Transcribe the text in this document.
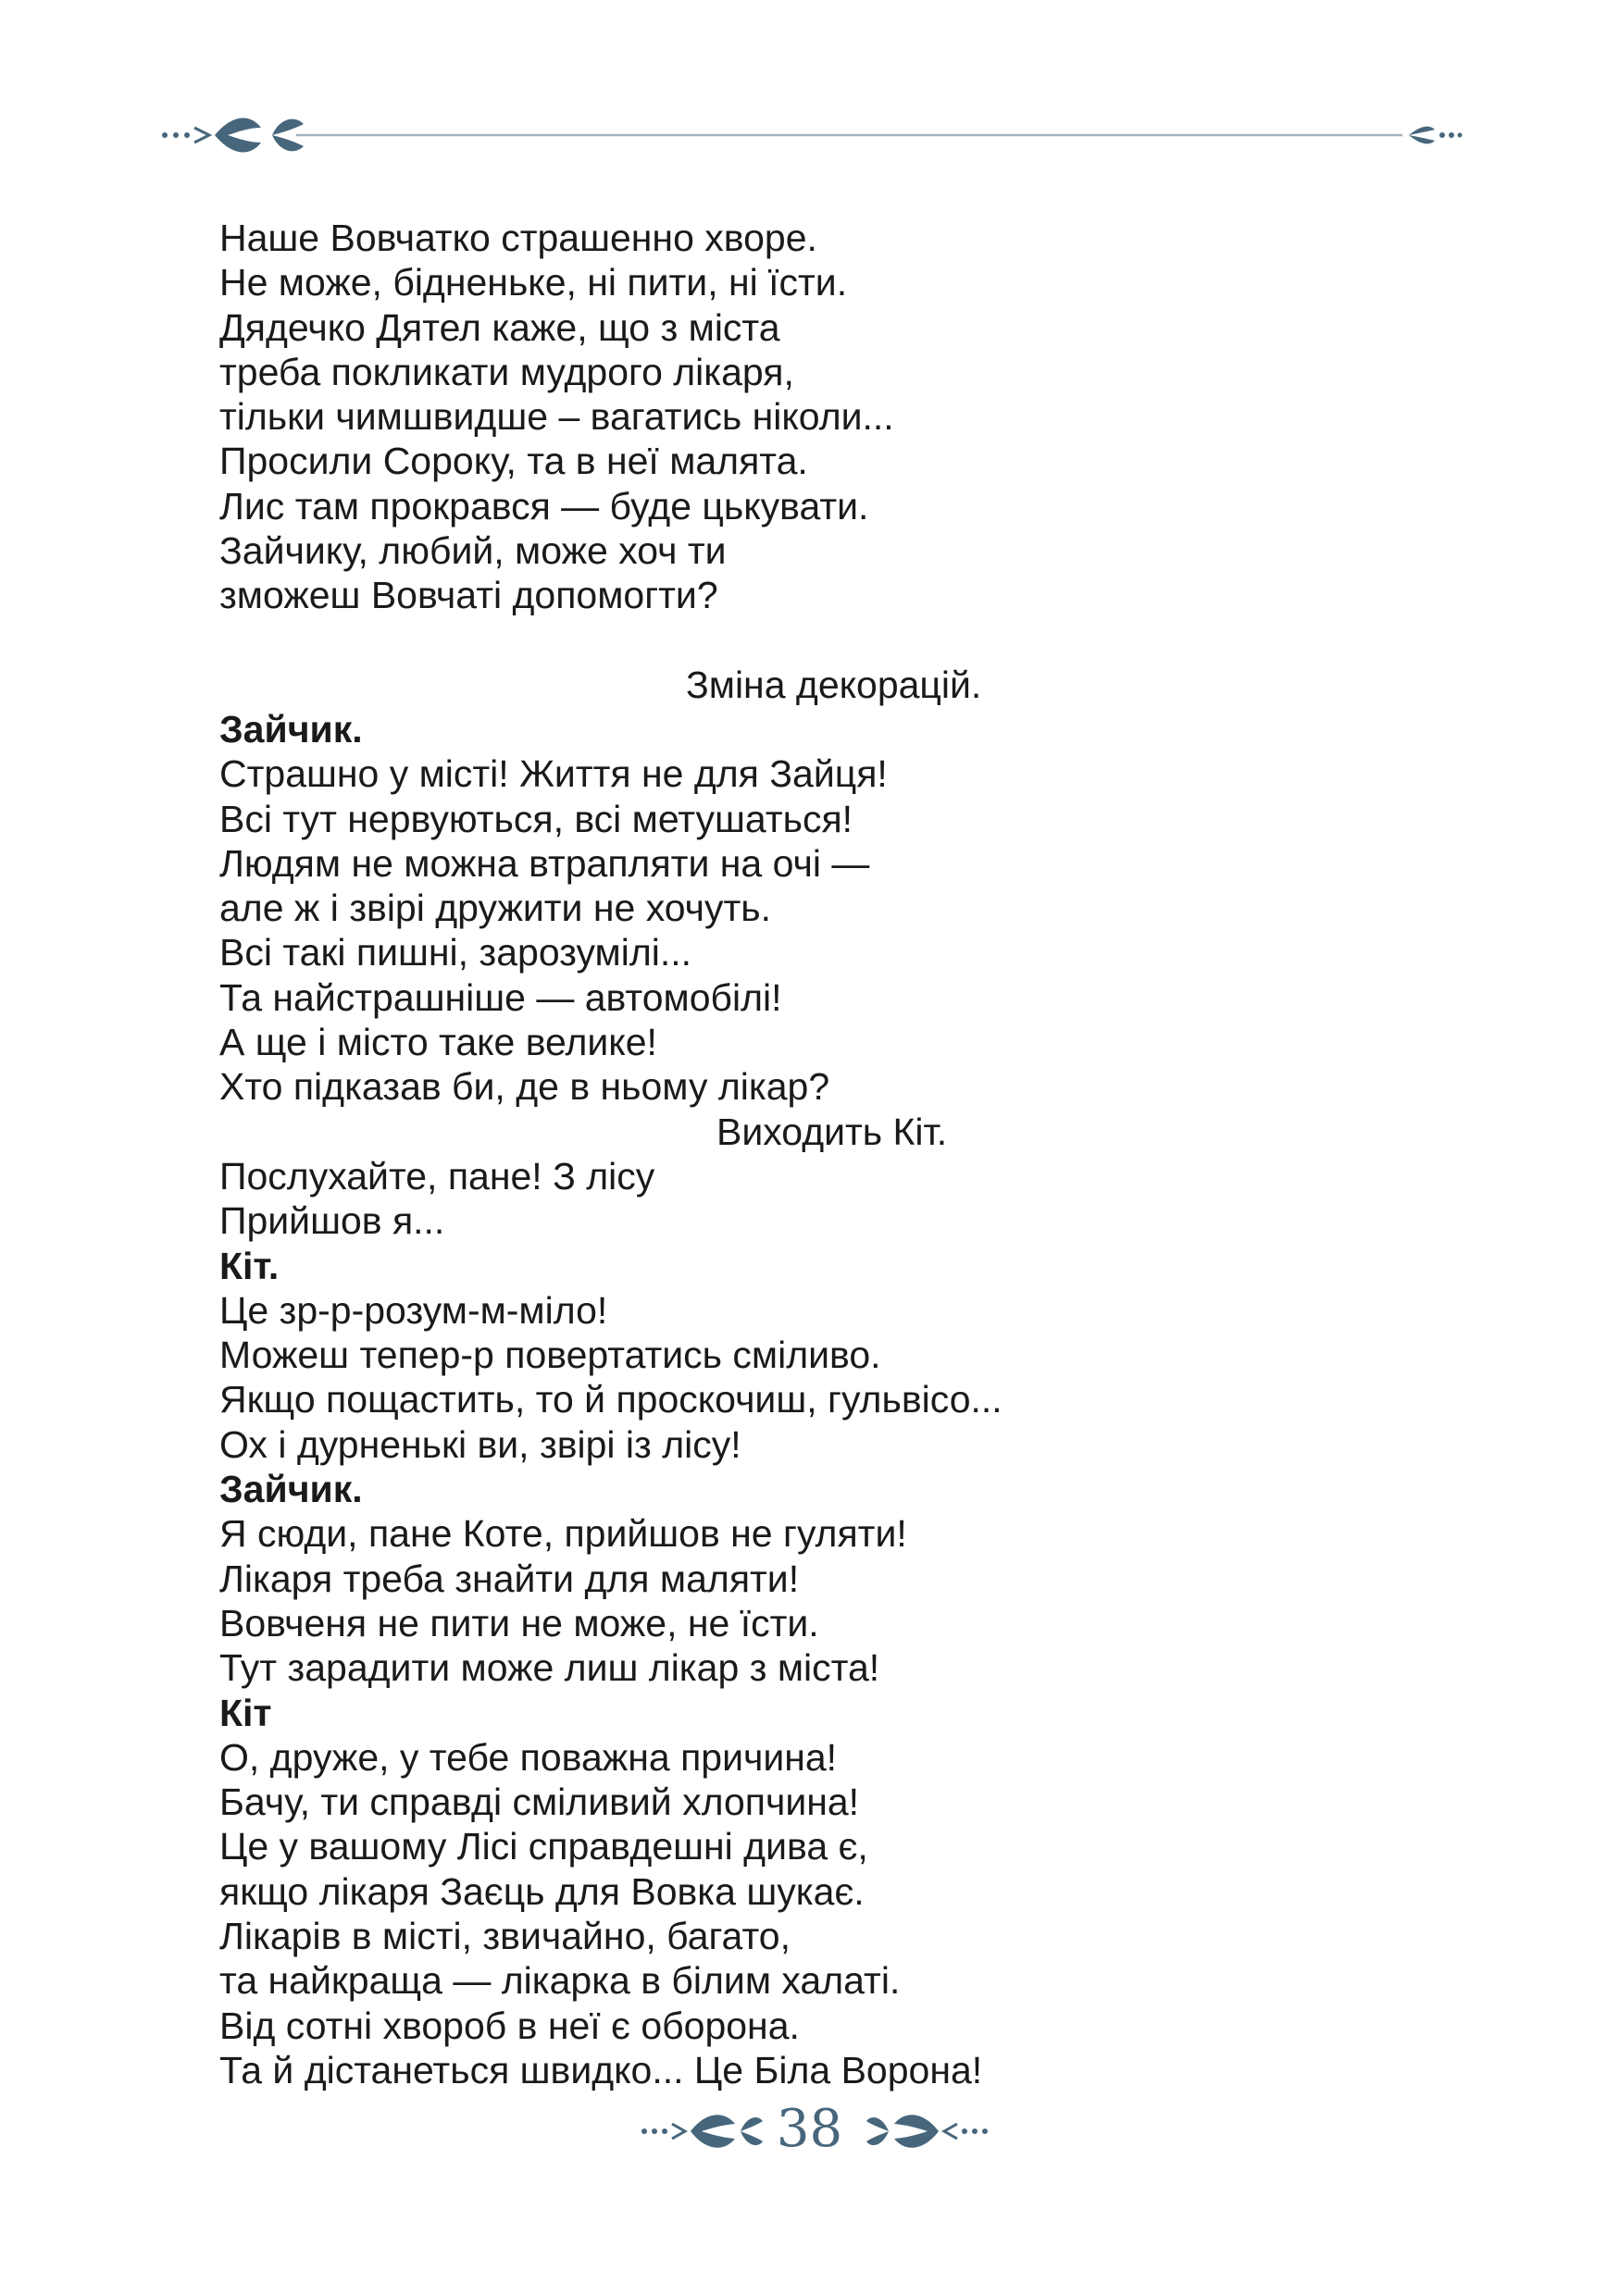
Наше Вовчатко страшенно хворе.
Не може, бідненьке, ні пити, ні їсти.
Дядечко Дятел каже, що з міста
треба покликати мудрого лікаря,
тільки чимшвидше – вагатись ніколи...
Просили Сороку, та в неї малята.
Лис там прокрався — буде цькувати.
Зайчику, любий, може хоч ти
зможеш Вовчаті допомогти?
Зміна декорацій.
Зайчик.
Страшно у місті! Життя не для Зайця!
Всі тут нервуються, всі метушаться!
Людям не можна втрапляти на очі —
але ж і звірі дружити не хочуть.
Всі такі пишні, зарозумілі...
Та найстрашніше — автомобілі!
А ще і місто таке велике!
Хто підказав би, де в ньому лікар?
Виходить Кіт.
Послухайте, пане! З лісу
Прийшов я...
Кіт.
Це зр-р-розум-м-міло!
Можеш тепер-р повертатись сміливо.
Якщо пощастить, то й проскочиш, гульвісо...
Ох і дурненькі ви, звірі із лісу!
Зайчик.
Я сюди, пане Коте, прийшов не гуляти!
Лікаря треба знайти для маляти!
Вовченя не пити не може, не їсти.
Тут зарадити може лиш лікар з міста!
Кіт
О, друже, у тебе поважна причина!
Бачу, ти справді сміливий хлопчина!
Це у вашому Лісі справдешні дива є,
якщо лікаря Заєць для Вовка шукає.
Лікарів в місті, звичайно, багато,
та найкраща — лікарка в білим халаті.
Від сотні хвороб в неї є оборона.
Та й дістанеться швидко... Це Біла Ворона!
38
